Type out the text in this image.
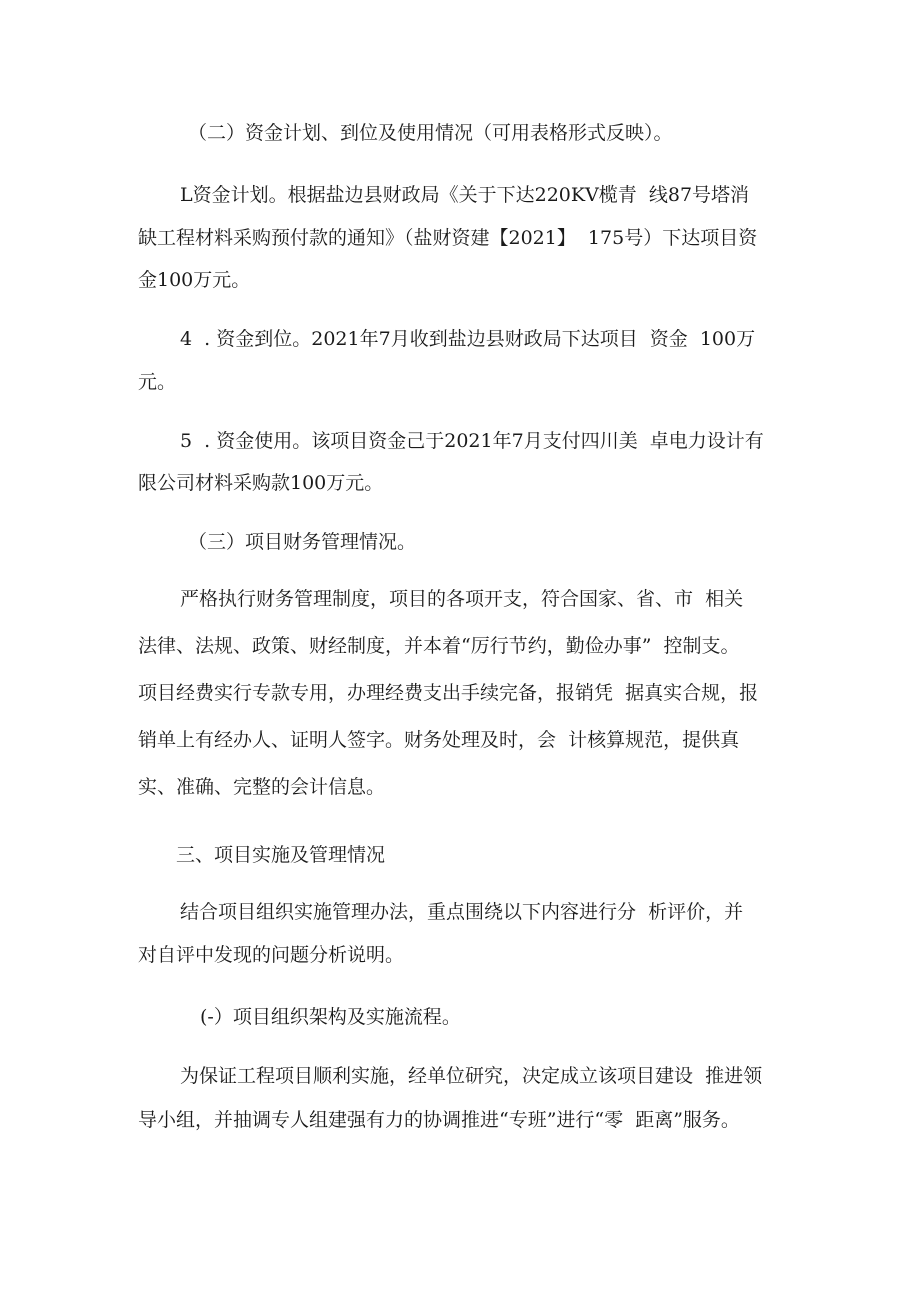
（二）资金计划、到位及使用情况（可用表格形式反映）。
L资金计划。根据盐边县财政局《关于下达220KV榄青  线87号塔消
缺工程材料采购预付款的通知》（盐财资建【2021】  175号）下达项目资
金100万元。
4  . 资金到位。2021年7月收到盐边县财政局下达项目  资金  100万
元。
5  . 资金使用。该项目资金己于2021年7月支付四川美  卓电力设计有
限公司材料采购款100万元。
（三）项目财务管理情况。
严格执行财务管理制度，项目的各项开支，符合国家、省、市  相关
法律、法规、政策、财经制度，并本着“厉行节约，勤俭办事”  控制支。
项目经费实行专款专用，办理经费支出手续完备，报销凭  据真实合规，报
销单上有经办人、证明人签字。财务处理及时，会  计核算规范，提供真
实、准确、完整的会计信息。
三、项目实施及管理情况
结合项目组织实施管理办法，重点围绕以下内容进行分  析评价，并
对自评中发现的问题分析说明。
(-）项目组织架构及实施流程。
为保证工程项目顺利实施，经单位研究，决定成立该项目建设  推进领
导小组，并抽调专人组建强有力的协调推进“专班”进行“零  距离”服务。
